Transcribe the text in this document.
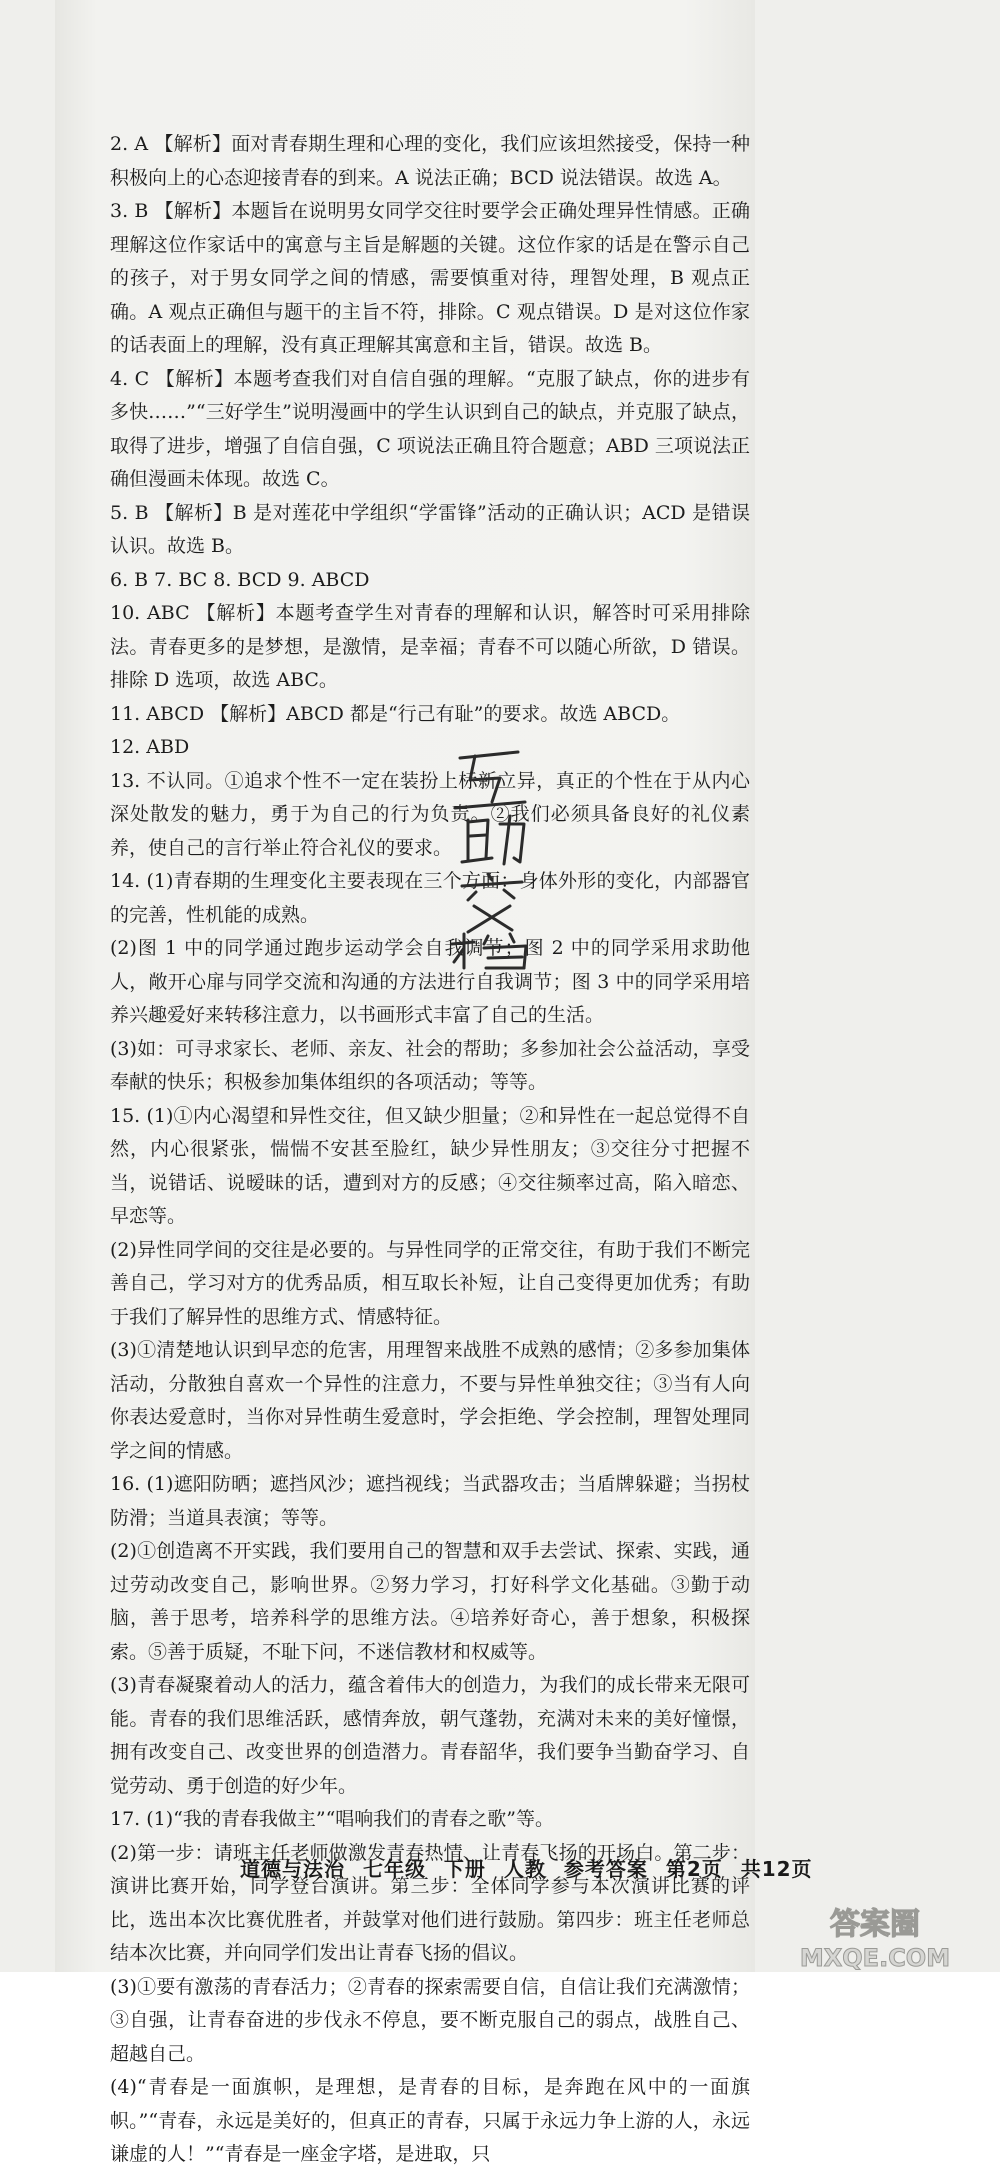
2. A 【解析】面对青春期生理和心理的变化，我们应该坦然接受，保持一种积极向上的心态迎接青春的到来。A 说法正确；BCD 说法错误。故选 A。

3. B 【解析】本题旨在说明男女同学交往时要学会正确处理异性情感。正确理解这位作家话中的寓意与主旨是解题的关键。这位作家的话是在警示自己的孩子，对于男女同学之间的情感，需要慎重对待，理智处理，B 观点正确。A 观点正确但与题干的主旨不符，排除。C 观点错误。D 是对这位作家的话表面上的理解，没有真正理解其寓意和主旨，错误。故选 B。

4. C 【解析】本题考查我们对自信自强的理解。“克服了缺点，你的进步有多快……”“三好学生”说明漫画中的学生认识到自己的缺点，并克服了缺点，取得了进步，增强了自信自强，C 项说法正确且符合题意；ABD 三项说法正确但漫画未体现。故选 C。

5. B 【解析】B 是对莲花中学组织“学雷锋”活动的正确认识；ACD 是错误认识。故选 B。

6. B 7. BC 8. BCD 9. ABCD

10. ABC 【解析】本题考查学生对青春的理解和认识，解答时可采用排除法。青春更多的是梦想，是激情，是幸福；青春不可以随心所欲，D 错误。排除 D 选项，故选 ABC。

11. ABCD 【解析】ABCD 都是“行己有耻”的要求。故选 ABCD。

12. ABD

13. 不认同。①追求个性不一定在装扮上标新立异，真正的个性在于从内心深处散发的魅力，勇于为自己的行为负责。②我们必须具备良好的礼仪素养，使自己的言行举止符合礼仪的要求。

14. (1)青春期的生理变化主要表现在三个方面：身体外形的变化，内部器官的完善，性机能的成熟。

(2)图 1 中的同学通过跑步运动学会自我调节；图 2 中的同学采用求助他人，敞开心扉与同学交流和沟通的方法进行自我调节；图 3 中的同学采用培养兴趣爱好来转移注意力，以书画形式丰富了自己的生活。

(3)如：可寻求家长、老师、亲友、社会的帮助；多参加社会公益活动，享受奉献的快乐；积极参加集体组织的各项活动；等等。

15. (1)①内心渴望和异性交往，但又缺少胆量；②和异性在一起总觉得不自然，内心很紧张，惴惴不安甚至脸红，缺少异性朋友；③交往分寸把握不当，说错话、说暧昧的话，遭到对方的反感；④交往频率过高，陷入暗恋、早恋等。

(2)异性同学间的交往是必要的。与异性同学的正常交往，有助于我们不断完善自己，学习对方的优秀品质，相互取长补短，让自己变得更加优秀；有助于我们了解异性的思维方式、情感特征。

(3)①清楚地认识到早恋的危害，用理智来战胜不成熟的感情；②多参加集体活动，分散独自喜欢一个异性的注意力，不要与异性单独交往；③当有人向你表达爱意时，当你对异性萌生爱意时，学会拒绝、学会控制，理智处理同学之间的情感。

16. (1)遮阳防晒；遮挡风沙；遮挡视线；当武器攻击；当盾牌躲避；当拐杖防滑；当道具表演；等等。

(2)①创造离不开实践，我们要用自己的智慧和双手去尝试、探索、实践，通过劳动改变自己，影响世界。②努力学习，打好科学文化基础。③勤于动脑，善于思考，培养科学的思维方法。④培养好奇心，善于想象，积极探索。⑤善于质疑，不耻下问，不迷信教材和权威等。

(3)青春凝聚着动人的活力，蕴含着伟大的创造力，为我们的成长带来无限可能。青春的我们思维活跃，感情奔放，朝气蓬勃，充满对未来的美好憧憬，拥有改变自己、改变世界的创造潜力。青春韶华，我们要争当勤奋学习、自觉劳动、勇于创造的好少年。

17. (1)“我的青春我做主”“唱响我们的青春之歌”等。

(2)第一步：请班主任老师做激发青春热情、让青春飞扬的开场白。第二步：演讲比赛开始，同学登台演讲。第三步：全体同学参与本次演讲比赛的评比，选出本次比赛优胜者，并鼓掌对他们进行鼓励。第四步：班主任老师总结本次比赛，并向同学们发出让青春飞扬的倡议。

(3)①要有激荡的青春活力；②青春的探索需要自信，自信让我们充满激情；③自强，让青春奋进的步伐永不停息，要不断克服自己的弱点，战胜自己、超越自己。

(4)“青春是一面旗帜，是理想，是青春的目标，是奔跑在风中的一面旗帜。”“青春，永远是美好的，但真正的青春，只属于永远力争上游的人，永远谦虚的人！”“青春是一座金字塔，是进取，只

道德与法治 七年级 下册 人教 参考答案 第2页 共12页
答案圈
MXQE.COM
